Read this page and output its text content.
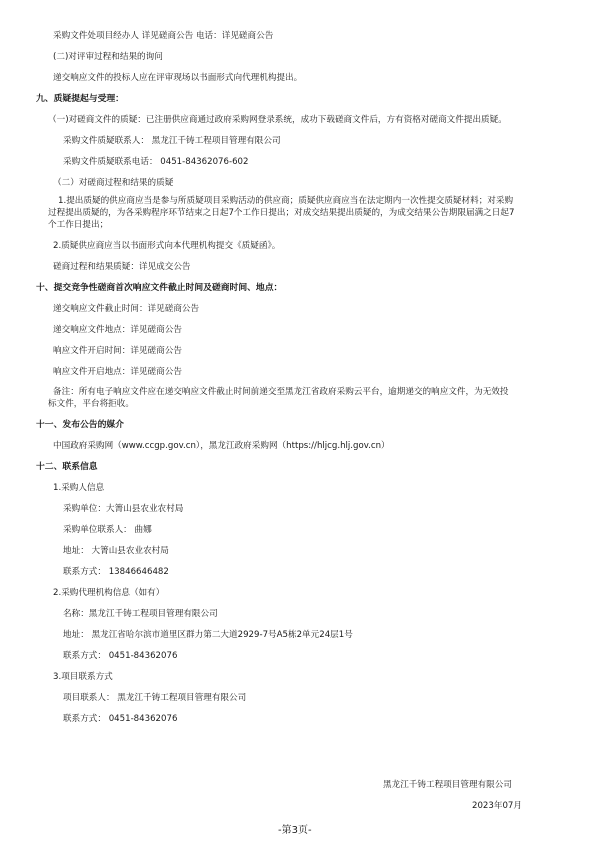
采购文件处项目经办人 详见磋商公告 电话：详见磋商公告
(二)对评审过程和结果的询问
递交响应文件的投标人应在评审现场以书面形式向代理机构提出。
九、质疑提起与受理：
（一)对磋商文件的质疑：已注册供应商通过政府采购网登录系统，成功下载磋商文件后，方有资格对磋商文件提出质疑。
采购文件质疑联系人： 黑龙江千铸工程项目管理有限公司
采购文件质疑联系电话： 0451-84362076-602
（二）对磋商过程和结果的质疑
1.提出质疑的供应商应当是参与所质疑项目采购活动的供应商；质疑供应商应当在法定期内一次性提交质疑材料；对采购
过程提出质疑的，为各采购程序环节结束之日起7个工作日提出；对成交结果提出质疑的，为成交结果公告期限届满之日起7
个工作日提出；
2.质疑供应商应当以书面形式向本代理机构提交《质疑函》。
磋商过程和结果质疑：详见成交公告
十、提交竞争性磋商首次响应文件截止时间及磋商时间、地点：
递交响应文件截止时间：详见磋商公告
递交响应文件地点：详见磋商公告
响应文件开启时间：详见磋商公告
响应文件开启地点：详见磋商公告
备注：所有电子响应文件应在递交响应文件截止时间前递交至黑龙江省政府采购云平台，逾期递交的响应文件，为无效投
标文件，平台将拒收。
十一、发布公告的媒介
中国政府采购网（www.ccgp.gov.cn），黑龙江政府采购网（https://hljcg.hlj.gov.cn）
十二、联系信息
1.采购人信息
采购单位：大箐山县农业农村局
采购单位联系人： 曲娜
地址： 大箐山县农业农村局
联系方式： 13846646482
2.采购代理机构信息（如有）
名称：黑龙江千铸工程项目管理有限公司
地址： 黑龙江省哈尔滨市道里区群力第二大道2929-7号A5栋2单元24层1号
联系方式： 0451-84362076
3.项目联系方式
项目联系人： 黑龙江千铸工程项目管理有限公司
联系方式： 0451-84362076
黑龙江千铸工程项目管理有限公司
2023年07月
-第3页-
